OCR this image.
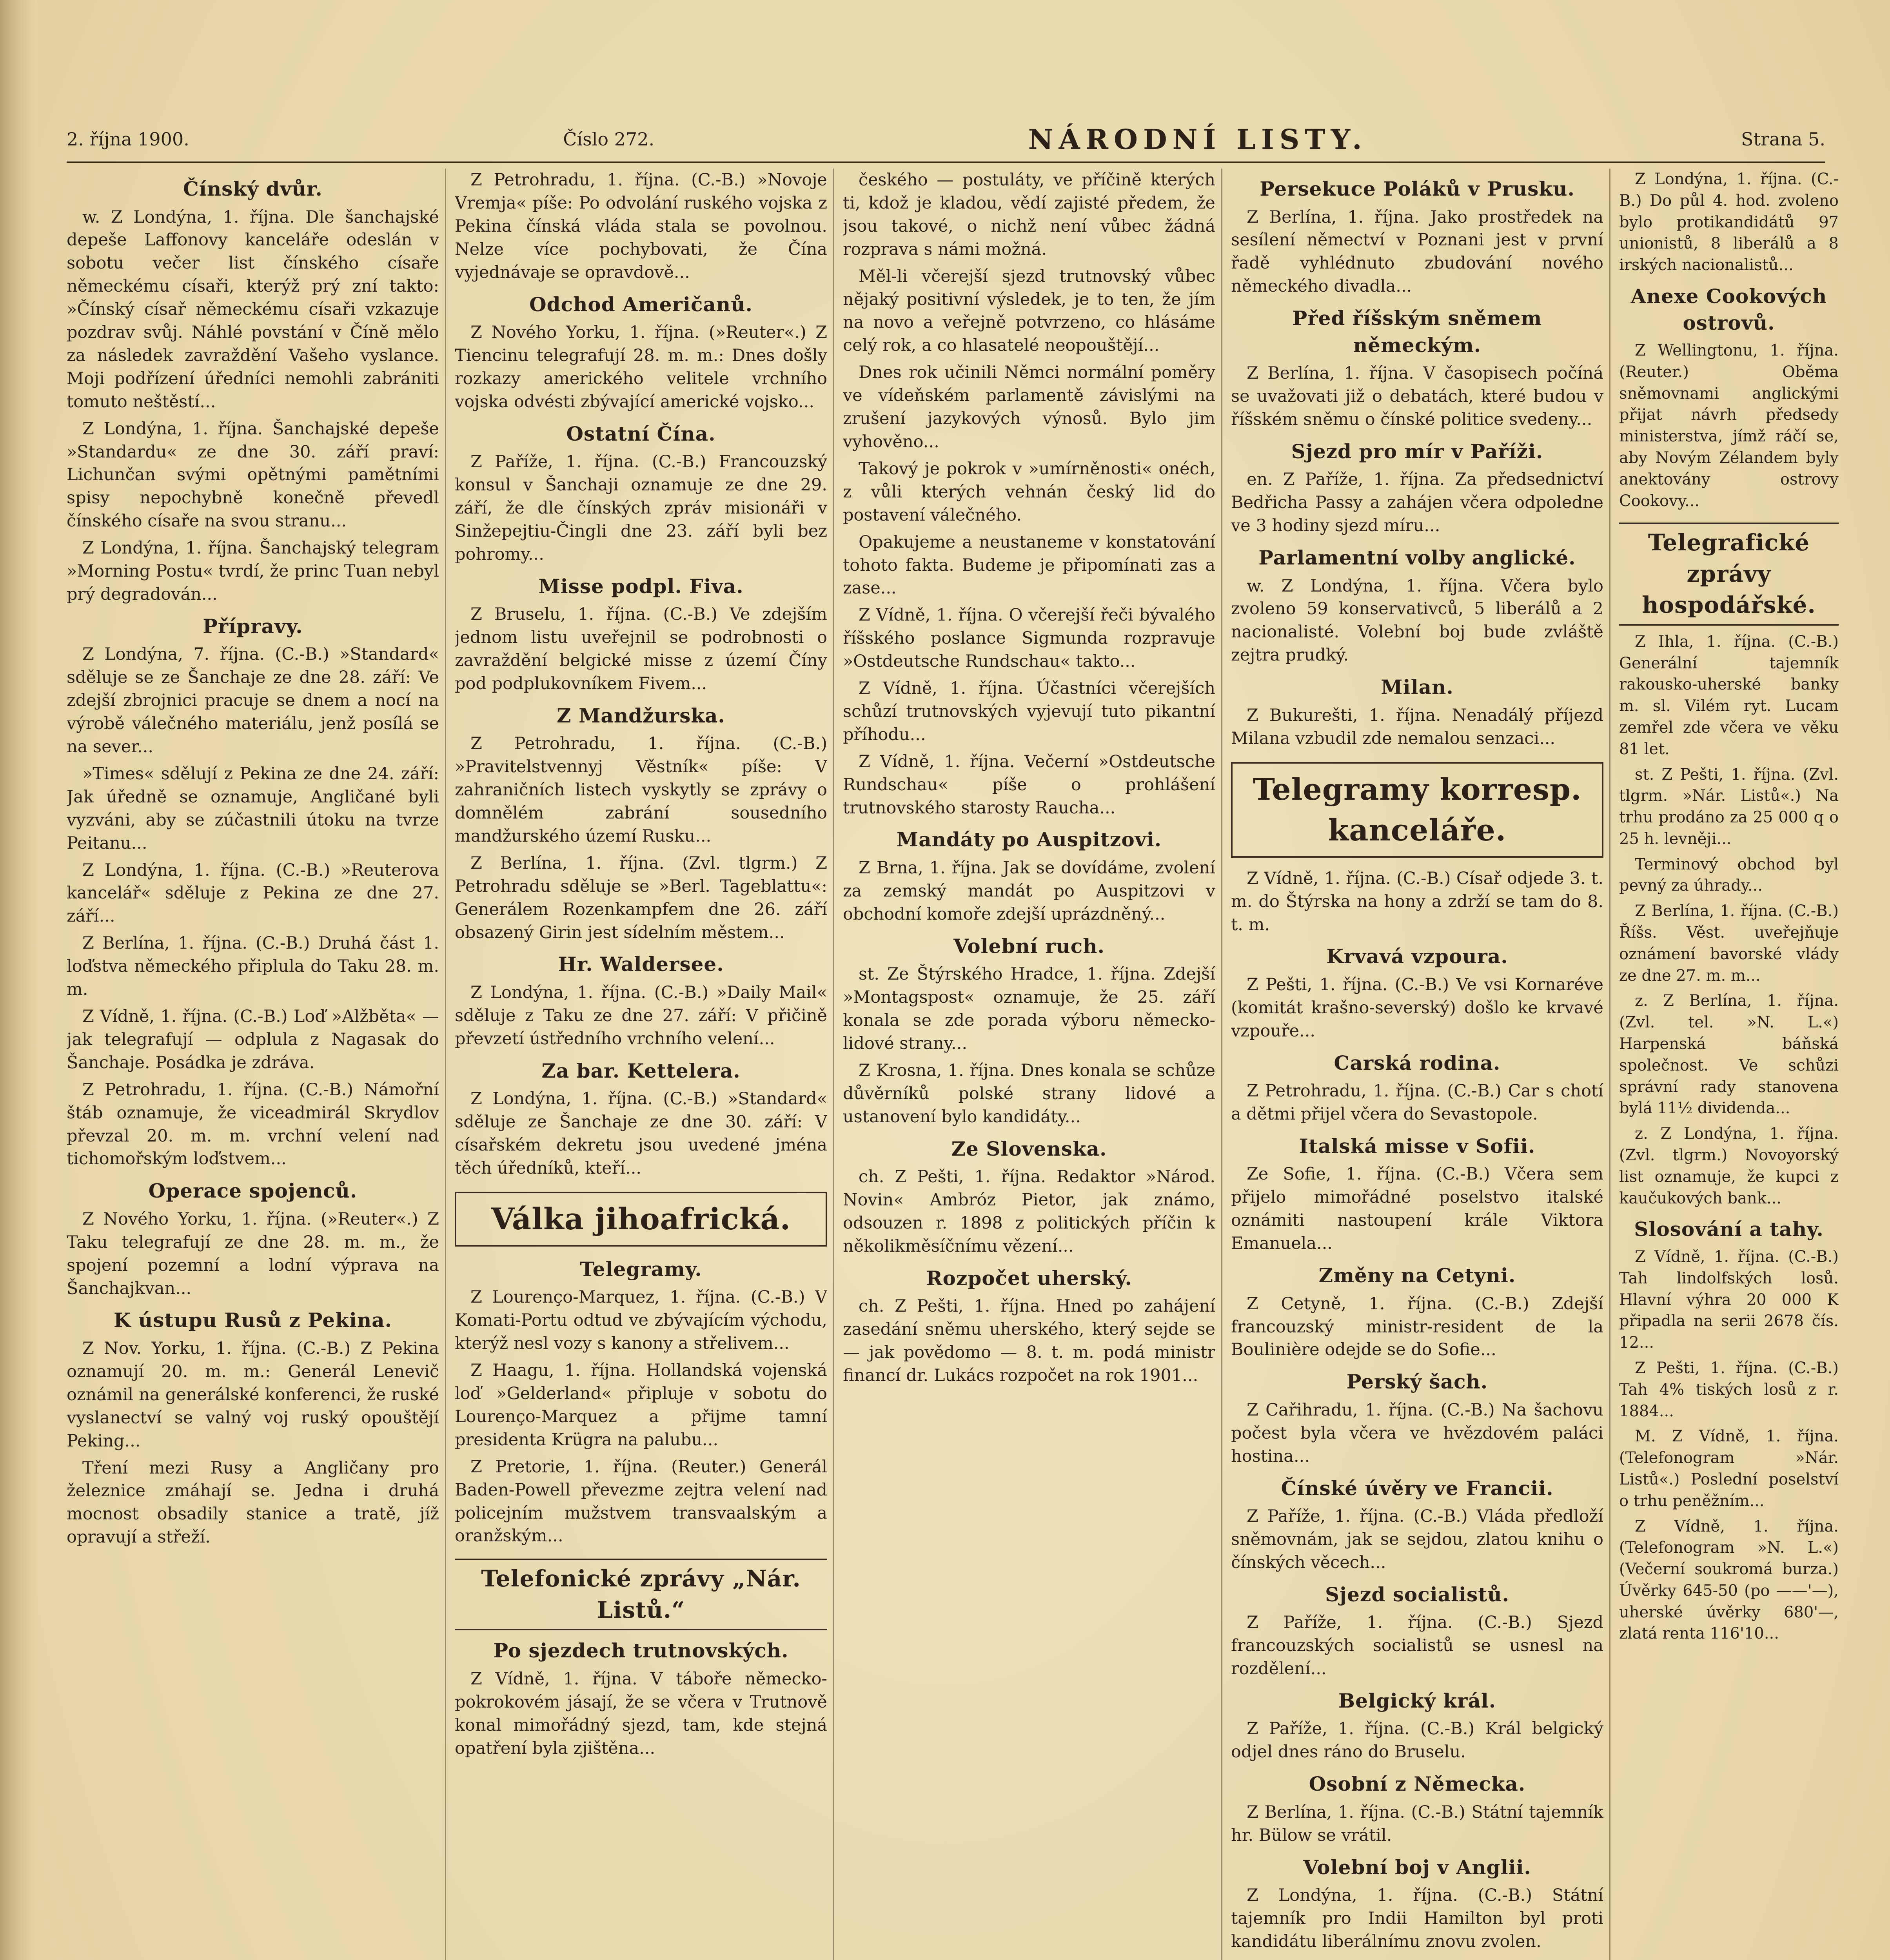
2. října 1900.	Číslo 272.	NÁRODNÍ LISTY.	Strana 5.
Čínský dvůr.

w. Z Londýna, 1. října. Dle šanchajské depeše Laffonovy kanceláře odeslán v sobotu večer list čínského císaře německému císaři, kterýž prý zní takto: »Čínský císař německému císaři vzkazuje pozdrav svůj. Náhlé povstání v Číně mělo za následek zavraždění Vašeho vyslance. Moji podřízení úředníci nemohli zabrániti tomuto neštěstí...

Z Londýna, 1. října. Šanchajské depeše »Standardu« ze dne 30. září praví: Lichunčan svými opětnými pamětními spisy nepochybně konečně převedl čínského císaře na svou stranu...

Z Londýna, 1. října. Šanchajský telegram »Morning Postu« tvrdí, že princ Tuan nebyl prý degradován...

Přípravy.

Z Londýna, 7. října. (C.-B.) »Standard« sděluje se ze Šanchaje ze dne 28. září: Ve zdejší zbrojnici pracuje se dnem a nocí na výrobě válečného materiálu, jenž posílá se na sever...

»Times« sdělují z Pekina ze dne 24. září: Jak úředně se oznamuje, Angličané byli vyzváni, aby se zúčastnili útoku na tvrze Peitanu...

Z Londýna, 1. října. (C.-B.) »Reuterova kancelář« sděluje z Pekina ze dne 27. září...

Z Berlína, 1. října. (C.-B.) Druhá část 1. loďstva německého připlula do Taku 28. m. m.

Z Vídně, 1. října. (C.-B.) Loď »Alžběta« — jak telegrafují — odplula z Nagasak do Šanchaje. Posádka je zdráva.

Z Petrohradu, 1. října. (C.-B.) Námořní štáb oznamuje, že viceadmirál Skrydlov převzal 20. m. m. vrchní velení nad tichomořským loďstvem...

Operace spojenců.

Z Nového Yorku, 1. října. (»Reuter«.) Z Taku telegrafují ze dne 28. m. m., že spojení pozemní a lodní výprava na Šanchajkvan...

K ústupu Rusů z Pekina.

Z Nov. Yorku, 1. října. (C.-B.) Z Pekina oznamují 20. m. m.: Generál Lenevič oznámil na generálské konferenci, že ruské vyslanectví se valný voj ruský opouštějí Peking...

Tření mezi Rusy a Angličany pro železnice zmáhají se. Jedna i druhá mocnost obsadily stanice a tratě, jíž opravují a střeží.

Z Petrohradu, 1. října. (C.-B.) »Novoje Vremja« píše: Po odvolání ruského vojska z Pekina čínská vláda stala se povolnou. Nelze více pochybovati, že Čína vyjednávaje se opravdově...

Odchod Američanů.

Z Nového Yorku, 1. října. (»Reuter«.) Z Tiencinu telegrafují 28. m. m.: Dnes došly rozkazy amerického velitele vrchního vojska odvésti zbývající americké vojsko...

Ostatní Čína.

Z Paříže, 1. října. (C.-B.) Francouzský konsul v Šanchaji oznamuje ze dne 29. září, že dle čínských zpráv misionáři v Sinžepejtiu-Čingli dne 23. září byli bez pohromy...

Misse podpl. Fiva.

Z Bruselu, 1. října. (C.-B.) Ve zdejším jednom listu uveřejnil se podrobnosti o zavraždění belgické misse z území Číny pod podplukovníkem Fivem...

Z Mandžurska.

Z Petrohradu, 1. října. (C.-B.) »Pravitelstvennyj Věstník« píše: V zahraničních listech vyskytly se zprávy o domnělém zabrání sousedního mandžurského území Rusku...

Z Berlína, 1. října. (Zvl. tlgrm.) Z Petrohradu sděluje se »Berl. Tageblattu«: Generálem Rozenkampfem dne 26. září obsazený Girin jest sídelním městem...

Hr. Waldersee.

Z Londýna, 1. října. (C.-B.) »Daily Mail« sděluje z Taku ze dne 27. září: V přičině převzetí ústředního vrchního velení...

Za bar. Kettelera.

Z Londýna, 1. října. (C.-B.) »Standard« sděluje ze Šanchaje ze dne 30. září: V císařském dekretu jsou uvedené jména těch úředníků, kteří...

Válka jihoafrická.
Telegramy.

Z Lourenço-Marquez, 1. října. (C.-B.) V Komati-Portu odtud ve zbývajícím východu, kterýž nesl vozy s kanony a střelivem...

Z Haagu, 1. října. Hollandská vojenská loď »Gelderland« připluje v sobotu do Lourenço-Marquez a přijme tamní presidenta Krügra na palubu...

Z Pretorie, 1. října. (Reuter.) Generál Baden-Powell převezme zejtra velení nad policejním mužstvem transvaalským a oranžským...

Telefonické zprávy „Nár. Listů.“
Po sjezdech trutnovských.

Z Vídně, 1. října. V táboře německo-pokrokovém jásají, že se včera v Trutnově konal mimořádný sjezd, tam, kde stejná opatření byla zjištěna...

českého — postuláty, ve příčině kterých ti, kdož je kladou, vědí zajisté předem, že jsou takové, o nichž není vůbec žádná rozprava s námi možná.

Měl-li včerejší sjezd trutnovský vůbec nějaký positivní výsledek, je to ten, že jím na novo a veřejně potvrzeno, co hlásáme celý rok, a co hlasatelé neopouštějí...

Dnes rok učinili Němci normální poměry ve vídeňském parlamentě závislými na zrušení jazykových výnosů. Bylo jim vyhověno...

Takový je pokrok v »umírněnosti« onéch, z vůli kterých vehnán český lid do postavení válečného.

Opakujeme a neustaneme v konstatování tohoto fakta. Budeme je připomínati zas a zase...

Z Vídně, 1. října. O včerejší řeči bývalého říšského poslance Sigmunda rozpravuje »Ostdeutsche Rundschau« takto...

Z Vídně, 1. října. Účastníci včerejších schůzí trutnovských vyjevují tuto pikantní příhodu...

Z Vídně, 1. října. Večerní »Ostdeutsche Rundschau« píše o prohlášení trutnovského starosty Raucha...

Mandáty po Auspitzovi.

Z Brna, 1. října. Jak se dovídáme, zvolení za zemský mandát po Auspitzovi v obchodní komoře zdejší uprázdněný...

Volební ruch.

st. Ze Štýrského Hradce, 1. října. Zdejší »Montagspost« oznamuje, že 25. září konala se zde porada výboru německo-lidové strany...

Z Krosna, 1. října. Dnes konala se schůze důvěrníků polské strany lidové a ustanovení bylo kandidáty...

Ze Slovenska.

ch. Z Pešti, 1. října. Redaktor »Národ. Novin« Ambróz Pietor, jak známo, odsouzen r. 1898 z politických příčin k několikměsíčnímu vězení...

Rozpočet uherský.

ch. Z Pešti, 1. října. Hned po zahájení zasedání sněmu uherského, který sejde se — jak povědomo — 8. t. m. podá ministr financí dr. Lukács rozpočet na rok 1901...

Persekuce Poláků v Prusku.

Z Berlína, 1. října. Jako prostředek na sesílení němectví v Poznani jest v první řadě vyhlédnuto zbudování nového německého divadla...

Před říšským sněmem německým.

Z Berlína, 1. října. V časopisech počíná se uvažovati již o debatách, které budou v říšském sněmu o čínské politice svedeny...

Sjezd pro mír v Paříži.

en. Z Paříže, 1. října. Za předsednictví Bedřicha Passy a zahájen včera odpoledne ve 3 hodiny sjezd míru...

Parlamentní volby anglické.

w. Z Londýna, 1. října. Včera bylo zvoleno 59 konservativců, 5 liberálů a 2 nacionalisté. Volební boj bude zvláště zejtra prudký.

Milan.

Z Bukurešti, 1. října. Nenadálý příjezd Milana vzbudil zde nemalou senzaci...

Telegramy korresp. kanceláře.

Z Vídně, 1. října. (C.-B.) Císař odjede 3. t. m. do Štýrska na hony a zdrží se tam do 8. t. m.

Krvavá vzpoura.

Z Pešti, 1. října. (C.-B.) Ve vsi Kornaréve (komitát krašno-severský) došlo ke krvavé vzpouře...

Carská rodina.

Z Petrohradu, 1. října. (C.-B.) Car s chotí a dětmi přijel včera do Sevastopole.

Italská misse v Sofii.

Ze Sofie, 1. října. (C.-B.) Včera sem přijelo mimořádné poselstvo italské oznámiti nastoupení krále Viktora Emanuela...

Změny na Cetyni.

Z Cetyně, 1. října. (C.-B.) Zdejší francouzský ministr-resident de la Boulinière odejde se do Sofie...

Perský šach.

Z Cařihradu, 1. října. (C.-B.) Na šachovu počest byla včera ve hvězdovém paláci hostina...

Čínské úvěry ve Francii.

Z Paříže, 1. října. (C.-B.) Vláda předloží sněmovnám, jak se sejdou, zlatou knihu o čínských věcech...

Sjezd socialistů.

Z Paříže, 1. října. (C.-B.) Sjezd francouzských socialistů se usnesl na rozdělení...

Belgický král.

Z Paříže, 1. října. (C.-B.) Král belgický odjel dnes ráno do Bruselu.

Osobní z Německa.

Z Berlína, 1. října. (C.-B.) Státní tajemník hr. Bülow se vrátil.

Volební boj v Anglii.

Z Londýna, 1. října. (C.-B.) Státní tajemník pro Indii Hamilton byl proti kandidátu liberálnímu znovu zvolen.

Z Londýna, 1. října. (C.-B.) Do půl 4. hod. zvoleno bylo protikandidátů 97 unionistů, 8 liberálů a 8 irských nacionalistů...

Anexe Cookových ostrovů.

Z Wellingtonu, 1. října. (Reuter.) Oběma sněmovnami anglickými přijat návrh předsedy ministerstva, jímž ráčí se, aby Novým Zélandem byly anektovány ostrovy Cookovy...

Telegrafické zprávy hospodářské.

Z Ihla, 1. října. (C.-B.) Generální tajemník rakousko-uherské banky m. sl. Vilém ryt. Lucam zemřel zde včera ve věku 81 let.

st. Z Pešti, 1. října. (Zvl. tlgrm. »Nár. Listů«.) Na trhu prodáno za 25 000 q o 25 h. levněji...

Terminový obchod byl pevný za úhrady...

Z Berlína, 1. října. (C.-B.) Říšs. Věst. uveřejňuje oznámení bavorské vlády ze dne 27. m. m...

z. Z Berlína, 1. října. (Zvl. tel. »N. L.«) Harpenská báňská společnost. Ve schůzi správní rady stanovena bylá 11½ dividenda...

z. Z Londýna, 1. října. (Zvl. tlgrm.) Novoyorský list oznamuje, že kupci z kaučukových bank...

Slosování a tahy.

Z Vídně, 1. října. (C.-B.) Tah lindolfských losů. Hlavní výhra 20 000 K připadla na serii 2678 čís. 12...

Z Pešti, 1. října. (C.-B.) Tah 4% tiských losů z r. 1884...

M. Z Vídně, 1. října. (Telefonogram »Nár. Listů«.) Poslední poselství o trhu peněžním...

Z Vídně, 1. října. (Telefonogram »N. L.«) (Večerní soukromá burza.) Úvěrky 645-50 (po ——'—), uherské úvěrky 680'—, zlatá renta 116'10...
